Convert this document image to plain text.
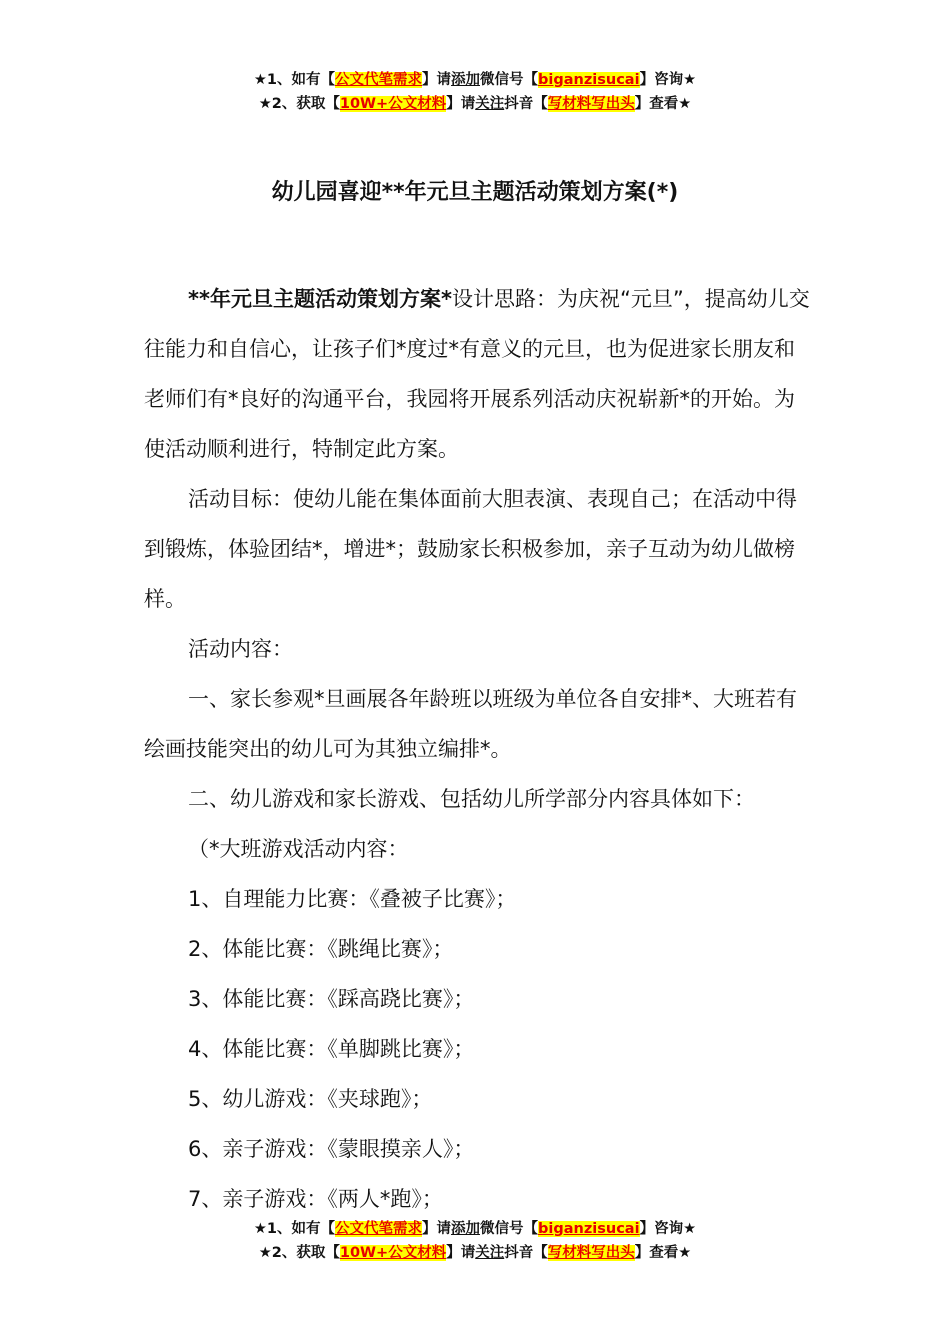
★1、如有【公文代笔需求】请添加微信号【biganzisucai】咨询★
★2、获取【10W+公文材料】请关注抖音【写材料写出头】查看★
幼儿园喜迎**年元旦主题活动策划方案(*)

**年元旦主题活动策划方案*设计思路：为庆祝“元旦”，提高幼儿交往能力和自信心，让孩子们*度过*有意义的元旦，也为促进家长朋友和老师们有*良好的沟通平台，我园将开展系列活动庆祝崭新*的开始。为使活动顺利进行，特制定此方案。

活动目标：使幼儿能在集体面前大胆表演、表现自己；在活动中得到锻炼，体验团结*，增进*；鼓励家长积极参加，亲子互动为幼儿做榜样。

活动内容：

一、家长参观*旦画展各年龄班以班级为单位各自安排*、大班若有绘画技能突出的幼儿可为其独立编排*。

二、幼儿游戏和家长游戏、包括幼儿所学部分内容具体如下：

（*大班游戏活动内容：

1、自理能力比赛：《叠被子比赛》；

2、体能比赛：《跳绳比赛》；

3、体能比赛：《踩高跷比赛》；

4、体能比赛：《单脚跳比赛》；

5、幼儿游戏：《夹球跑》；

6、亲子游戏：《蒙眼摸亲人》；

7、亲子游戏：《两人*跑》；

★1、如有【公文代笔需求】请添加微信号【biganzisucai】咨询★
★2、获取【10W+公文材料】请关注抖音【写材料写出头】查看★
